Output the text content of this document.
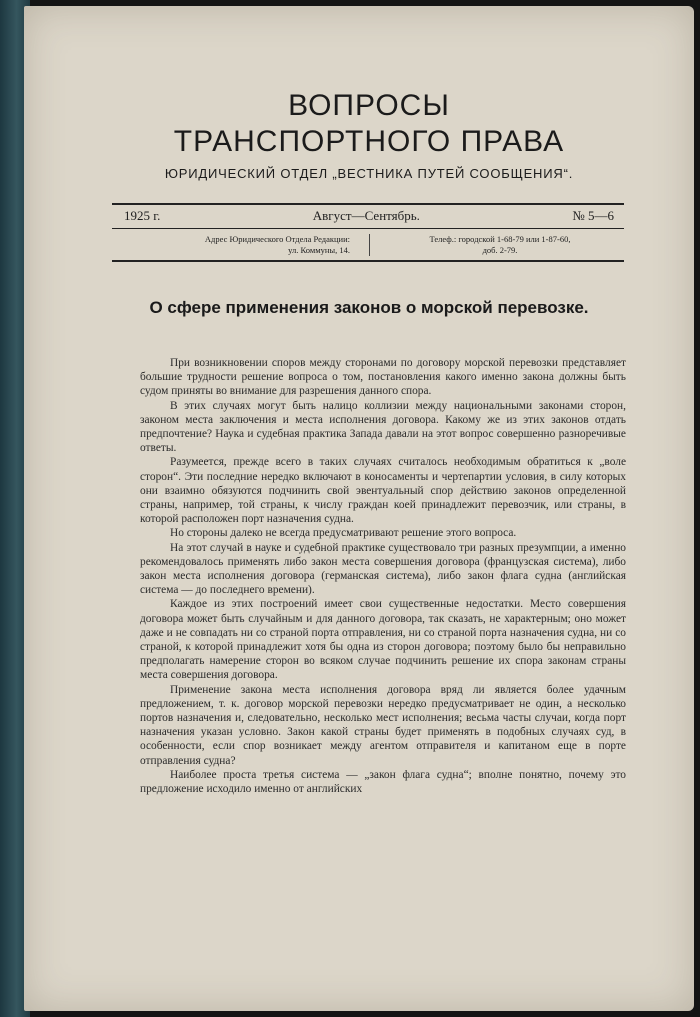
ВОПРОСЫ
ТРАНСПОРТНОГО ПРАВА
ЮРИДИЧЕСКИЙ ОТДЕЛ „ВЕСТНИКА ПУТЕЙ СООБЩЕНИЯ“.
1925 г.	Август—Сентябрь.	№ 5—6
Адрес Юридического Отдела Редакции:
ул. Коммуны, 14.
Телеф.: городской 1-68-79 или 1-87-60,
доб. 2-79.
О сфере применения законов о морской перевозке.

При возникновении споров между сторонами по договору морской перевозки представляет большие трудности решение вопроса о том, постановления какого именно закона должны быть судом приняты во внимание для разрешения данного спора.

В этих случаях могут быть налицо коллизии между национальными законами сторон, законом места заключения и места исполнения договора. Какому же из этих законов отдать предпочтение? Наука и судебная практика Запада давали на этот вопрос совершенно разноречивые ответы.

Разумеется, прежде всего в таких случаях считалось необходимым обратиться к „воле сторон“. Эти последние нередко включают в коносаменты и чертепартии условия, в силу которых они взаимно обязуются подчинить свой эвентуальный спор действию законов определенной страны, например, той страны, к числу граждан коей принадлежит перевозчик, или страны, в которой расположен порт назначения судна.

Но стороны далеко не всегда предусматривают решение этого вопроса.

На этот случай в науке и судебной практике существовало три разных презумпции, а именно рекомендовалось применять либо закон места совершения договора (французская система), либо закон места исполнения договора (германская система), либо закон флага судна (английская система — до последнего времени).

Каждое из этих построений имеет свои существенные недостатки. Место совершения договора может быть случайным и для данного договора, так сказать, не характерным; оно может даже и не совпадать ни со страной порта отправления, ни со страной порта назначения судна, ни со страной, к которой принадлежит хотя бы одна из сторон договора; поэтому было бы неправильно предполагать намерение сторон во всяком случае подчинить решение их спора законам страны места совершения договора.

Применение закона места исполнения договора вряд ли является более удачным предложением, т. к. договор морской перевозки нередко предусматривает не один, а несколько портов назначения и, следовательно, несколько мест исполнения; весьма часты случаи, когда порт назначения указан условно. Закон какой страны будет применять в подобных случаях суд, в особенности, если спор возникает между агентом отправителя и капитаном еще в порте отправления судна?

Наиболее проста третья система — „закон флага судна“; вполне понятно, почему это предложение исходило именно от английских
